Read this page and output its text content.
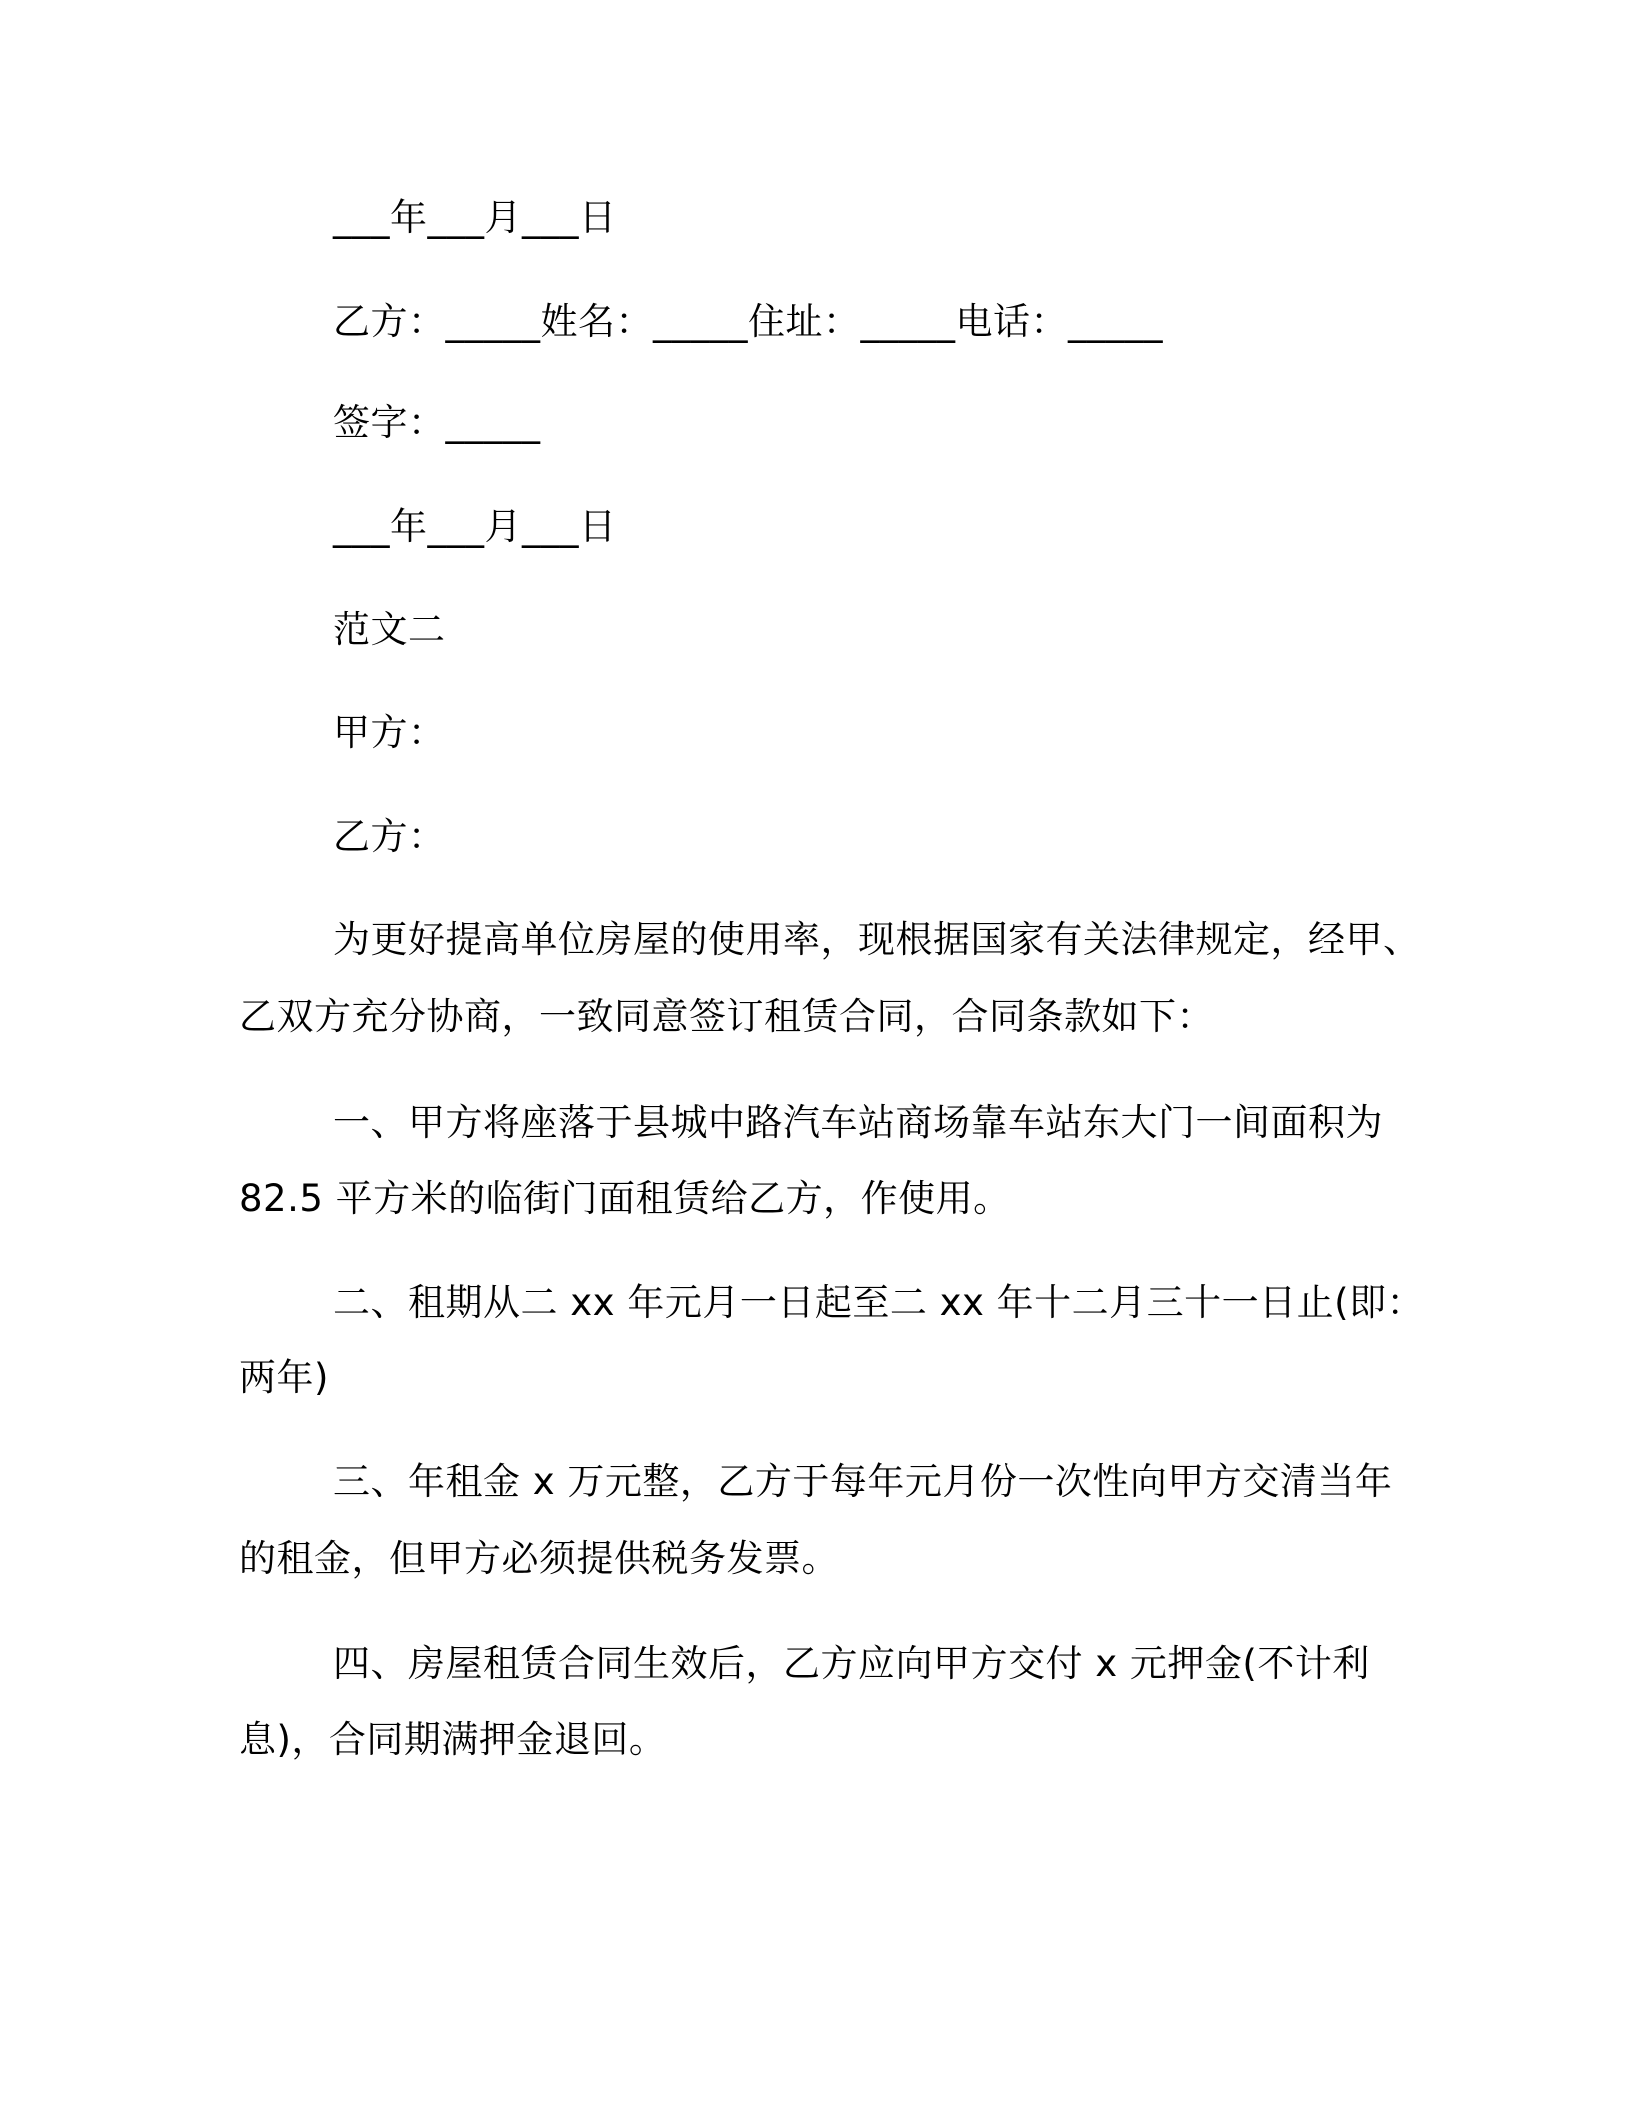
___年___月___日
乙方：_____姓名：_____住址：_____电话：_____
签字：_____
___年___月___日
范文二
甲方：
乙方：
为更好提高单位房屋的使用率，现根据国家有关法律规定，经甲、
乙双方充分协商，一致同意签订租赁合同，合同条款如下：
一、甲方将座落于县城中路汽车站商场靠车站东大门一间面积为
82.5 平方米的临街门面租赁给乙方，作使用。
二、租期从二 xx 年元月一日起至二 xx 年十二月三十一日止(即：
两年)
三、年租金 x 万元整，乙方于每年元月份一次性向甲方交清当年
的租金，但甲方必须提供税务发票。
四、房屋租赁合同生效后，乙方应向甲方交付 x 元押金(不计利
息)，合同期满押金退回。
